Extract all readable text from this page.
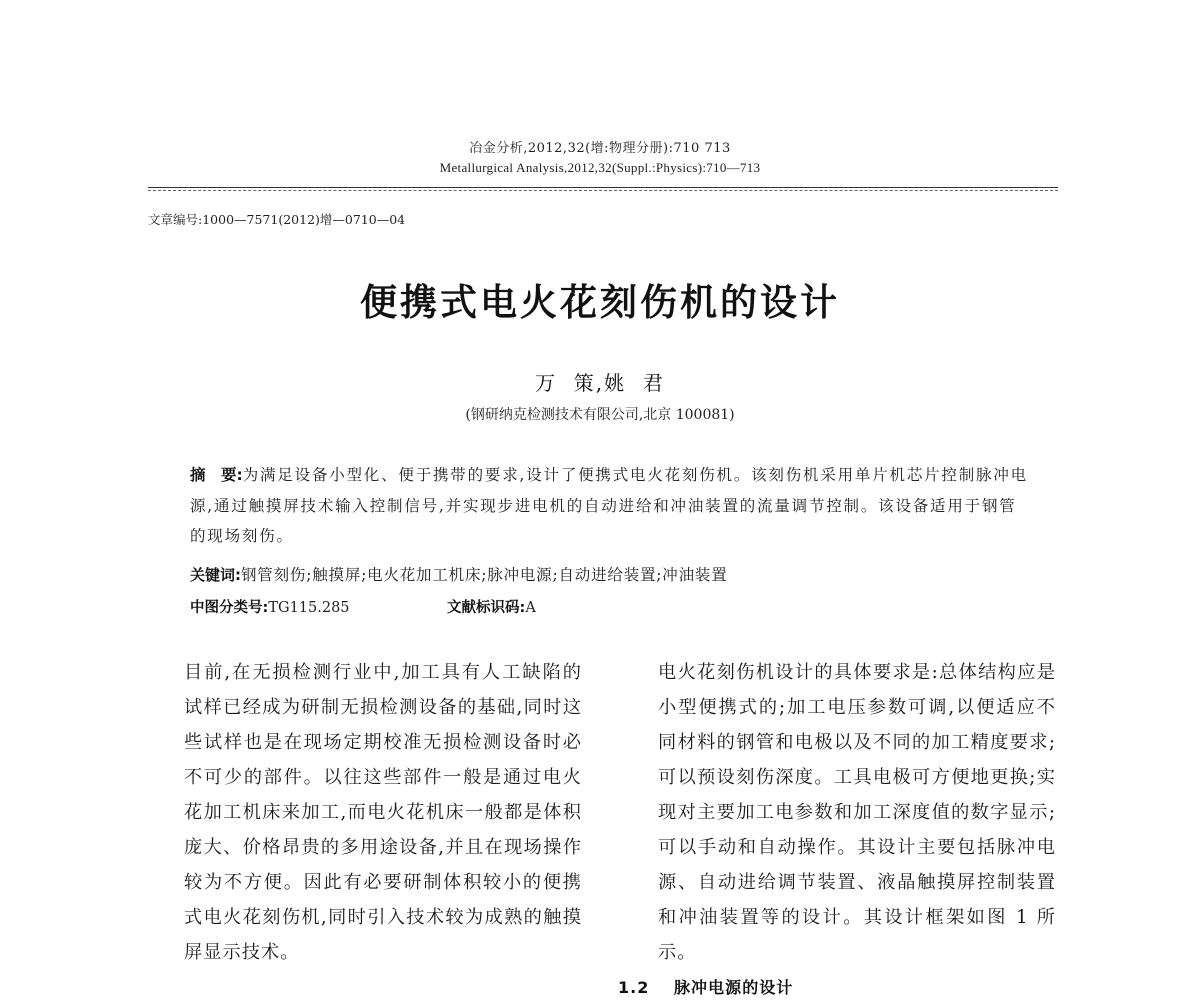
冶金分析,2012,32(增:物理分册):710 713
Metallurgical Analysis,2012,32(Suppl.:Physics):710—713
文章编号:1000—7571(2012)增—0710—04
便携式电火花刻伤机的设计
万  策,姚  君
(钢研纳克检测技术有限公司,北京 100081)
摘　要:为满足设备小型化、便于携带的要求,设计了便携式电火花刻伤机。该刻伤机采用单片机芯片控制脉冲电源,通过触摸屏技术输入控制信号,并实现步进电机的自动进给和冲油装置的流量调节控制。该设备适用于钢管的现场刻伤。
关键词:钢管刻伤;触摸屏;电火花加工机床;脉冲电源;自动进给装置;冲油装置
中图分类号:TG115.285	文献标识码:A

目前,在无损检测行业中,加工具有人工缺陷的试样已经成为研制无损检测设备的基础,同时这些试样也是在现场定期校准无损检测设备时必不可少的部件。以往这些部件一般是通过电火花加工机床来加工,而电火花机床一般都是体积庞大、价格昂贵的多用途设备,并且在现场操作较为不方便。因此有必要研制体积较小的便携式电火花刻伤机,同时引入技术较为成熟的触摸屏显示技术。

电火花刻伤机设计的具体要求是:总体结构应是小型便携式的;加工电压参数可调,以便适应不同材料的钢管和电极以及不同的加工精度要求;可以预设刻伤深度。工具电极可方便地更换;实现对主要加工电参数和加工深度值的数字显示;可以手动和自动操作。其设计主要包括脉冲电源、自动进给调节装置、液晶触摸屏控制装置和冲油装置等的设计。其设计框架如图 1 所示。

1.2 脉冲电源的设计
